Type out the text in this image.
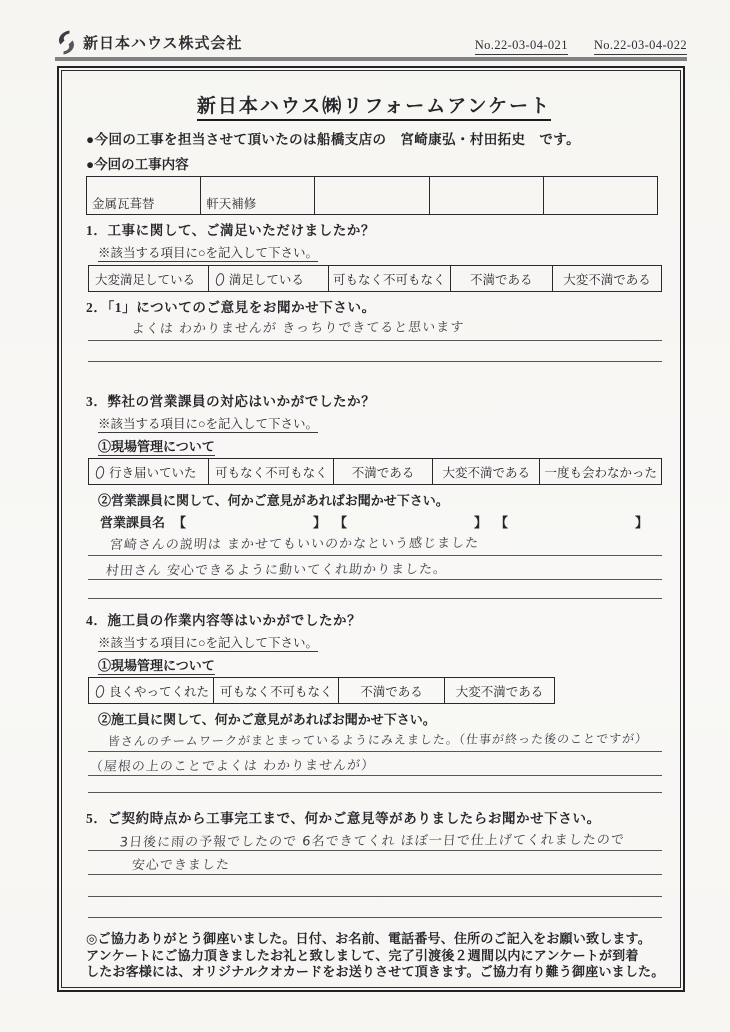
新日本ハウス株式会社	No.22-03-04-021 No.22-03-04-022
新日本ハウス㈱リフォームアンケート
●今回の工事を担当させて頂いたのは船橋支店の　宮崎康弘・村田拓史　です。
●今回の工事内容
金属瓦葺替	軒天補修			
1．工事に関して、ご満足いただけましたか？
※該当する項目に○を記入して下さい。
大変満足している	満足している	可もなく不可もなく	不満である	大変不満である
2．「1」についてのご意見をお聞かせ下さい。
よくは わかりませんが きっちりできてると思います
3．弊社の営業課員の対応はいかがでしたか？
※該当する項目に○を記入して下さい。
①現場管理について
行き届いていた	可もなく不可もなく	不満である	大変不満である	一度も会わなかった
②営業課員に関して、何かご意見があればお聞かせ下さい。
営業課員名 【	】 【	】 【	】
宮崎さんの説明は まかせてもいいのかなという感じました
村田さん 安心できるように動いてくれ助かりました。
4．施工員の作業内容等はいかがでしたか？
※該当する項目に○を記入して下さい。
①現場管理について
良くやってくれた	可もなく不可もなく	不満である	大変不満である
②施工員に関して、何かご意見があればお聞かせ下さい。
皆さんのチームワークがまとまっているようにみえました。（仕事が終った後のことですが）
（屋根の上のことでよくは わかりませんが）
5．ご契約時点から工事完工まで、何かご意見等がありましたらお聞かせ下さい。
3日後に雨の予報でしたので 6名できてくれ ほぼ一日で仕上げてくれましたので
安心できました
◎ご協力ありがとう御座いました。日付、お名前、電話番号、住所のご記入をお願い致します。
アンケートにご協力頂きましたお礼と致しまして、完了引渡後２週間以内にアンケートが到着
したお客様には、オリジナルクオカードをお送りさせて頂きます。ご協力有り難う御座いました。
